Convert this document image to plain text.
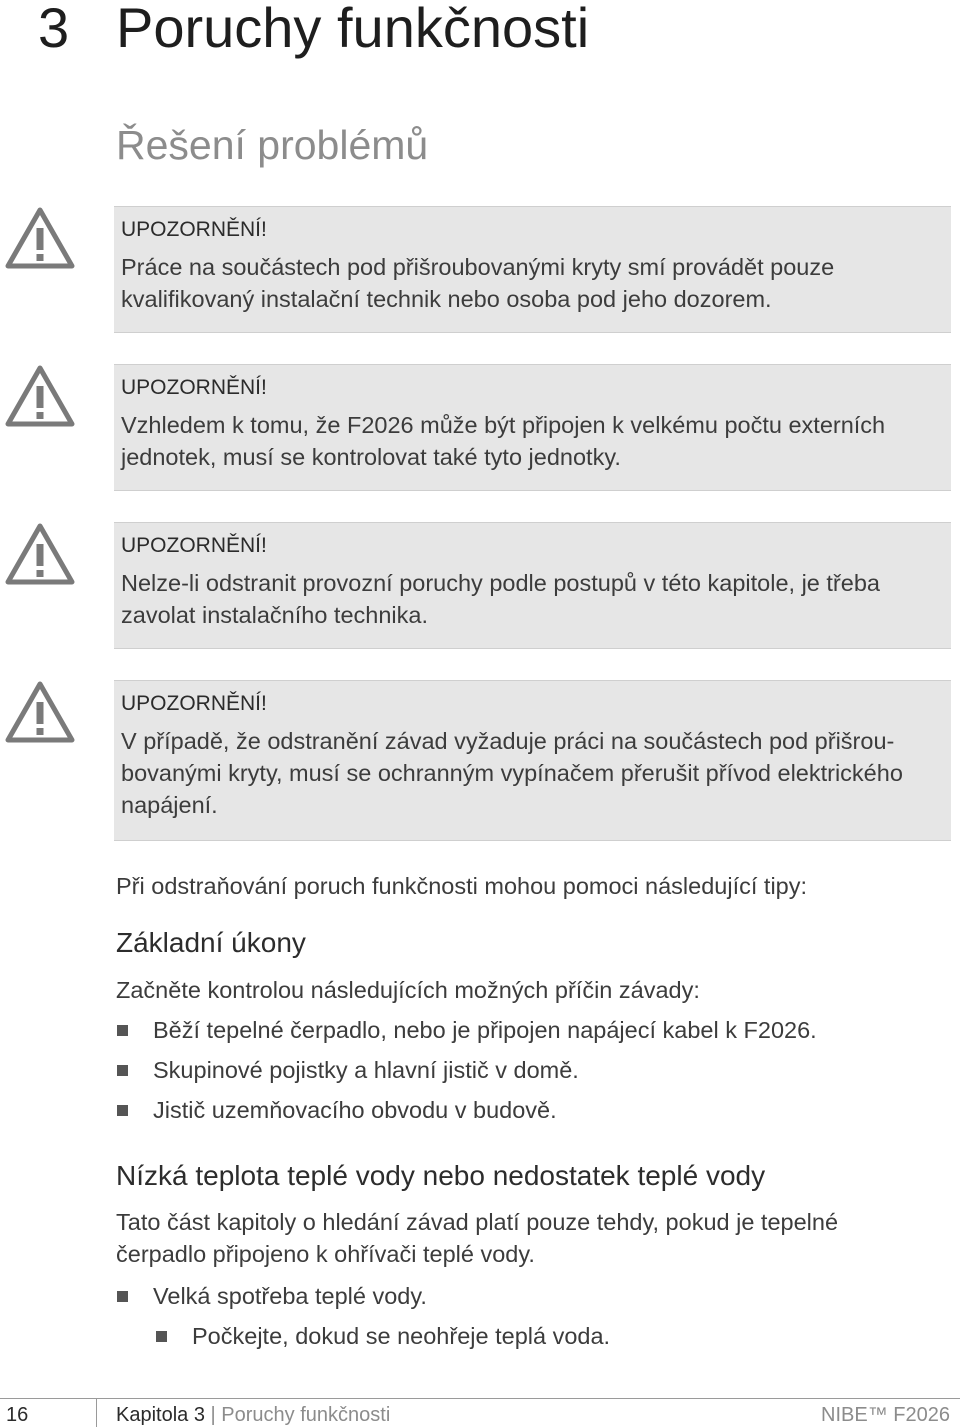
3 Poruchy funkčnosti
Řešení problémů
UPOZORNĚNÍ!
Práce na součástech pod přišroubovanými kryty smí provádět pouze
kvalifikovaný instalační technik nebo osoba pod jeho dozorem.
UPOZORNĚNÍ!
Vzhledem k tomu, že F2026 může být připojen k velkému počtu externích
jednotek, musí se kontrolovat také tyto jednotky.
UPOZORNĚNÍ!
Nelze-li odstranit provozní poruchy podle postupů v této kapitole, je třeba
zavolat instalačního technika.
UPOZORNĚNÍ!
V případě, že odstranění závad vyžaduje práci na součástech pod přišrou-
bovanými kryty, musí se ochranným vypínačem přerušit přívod elektrického
napájení.
Při odstraňování poruch funkčnosti mohou pomoci následující tipy:
Základní úkony
Začněte kontrolou následujících možných příčin závady:
Běží tepelné čerpadlo, nebo je připojen napájecí kabel k F2026.
Skupinové pojistky a hlavní jistič v domě.
Jistič uzemňovacího obvodu v budově.
Nízká teplota teplé vody nebo nedostatek teplé vody
Tato část kapitoly o hledání závad platí pouze tehdy, pokud je tepelné
čerpadlo připojeno k ohřívači teplé vody.
Velká spotřeba teplé vody.
Počkejte, dokud se neohřeje teplá voda.
16	Kapitola 3 | Poruchy funkčnosti	NIBE™ F2026
